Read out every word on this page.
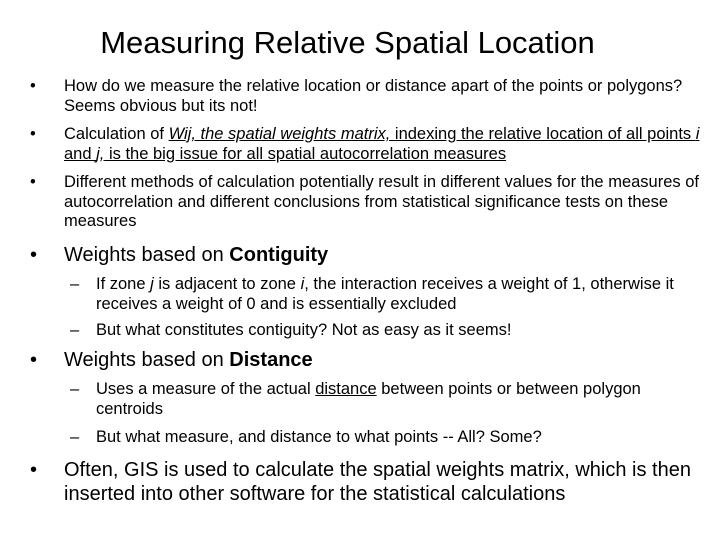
Measuring Relative Spatial Location
• How do we measure the relative location or distance apart of the points or polygons? Seems obvious but its not!
• Calculation of Wij, the spatial weights matrix, indexing the relative location of all points i and j, is the big issue for all spatial autocorrelation measures
• Different methods of calculation potentially result in different values for the measures of autocorrelation and different conclusions from statistical significance tests on these measures
• Weights based on Contiguity
– If zone j is adjacent to zone i, the interaction receives a weight of 1, otherwise it receives a weight of 0 and is essentially excluded
– But what constitutes contiguity? Not as easy as it seems!
• Weights based on Distance
– Uses a measure of the actual distance between points or between polygon centroids
– But what measure, and distance to what points -- All? Some?
• Often, GIS is used to calculate the spatial weights matrix, which is then inserted into other software for the statistical calculations
